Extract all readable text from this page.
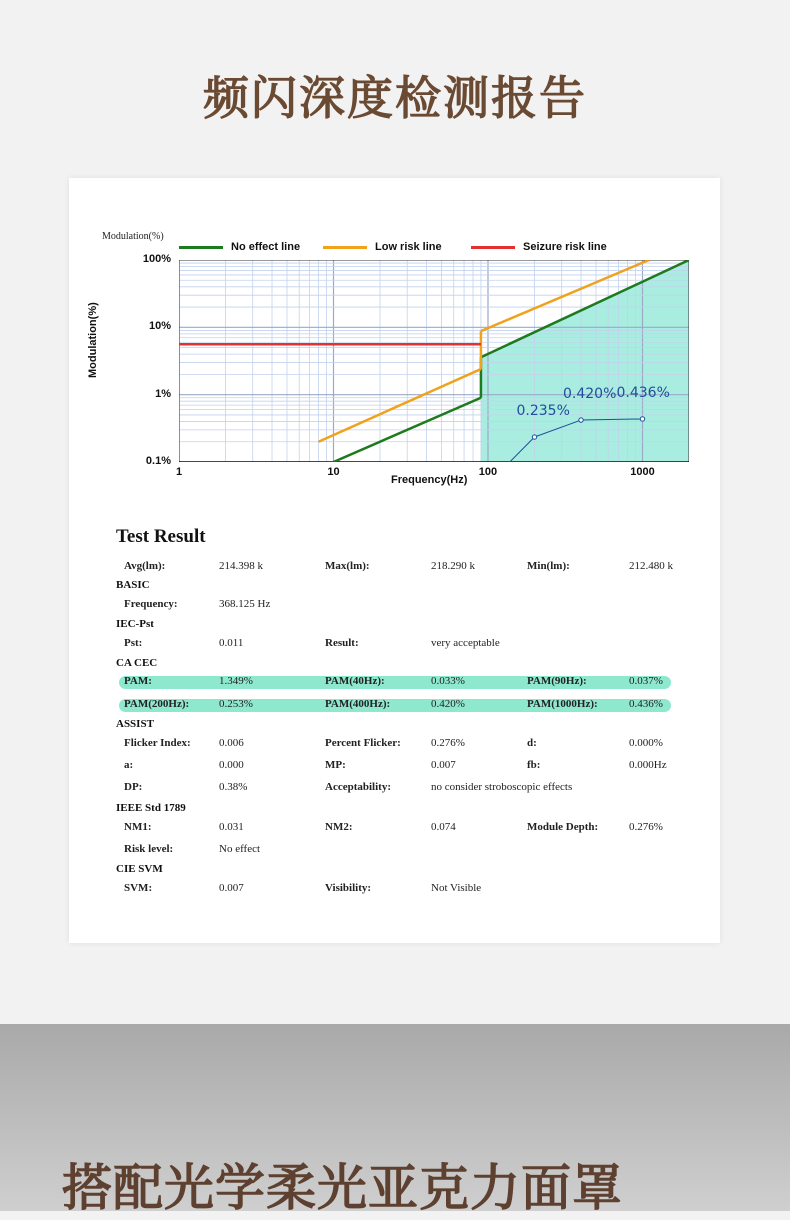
频闪深度检测报告
Modulation(%)
No effect line	Low risk line	Seizure risk line
Modulation(%)
100%
10%
1%
0.1%
1	10	100	1000
Frequency(Hz)
0.235%
0.420% 0.436%
Test Result
Avg(lm):	214.398 k	Max(lm):	218.290 k	Min(lm):	212.480 k
BASIC
Frequency:	368.125 Hz
IEC-Pst
Pst:	0.011	Result:	very acceptable
CA CEC
PAM:	1.349%	PAM(40Hz):	0.033%	PAM(90Hz):	0.037%
PAM(200Hz):	0.253%	PAM(400Hz):	0.420%	PAM(1000Hz):	0.436%
ASSIST
Flicker Index:	0.006	Percent Flicker:	0.276%	d:	0.000%
a:	0.000	MP:	0.007	fb:	0.000Hz
DP:	0.38%	Acceptability:	no consider stroboscopic effects
IEEE Std 1789
NM1:	0.031	NM2:	0.074	Module Depth:	0.276%
Risk level:	No effect
CIE SVM
SVM:	0.007	Visibility:	Not Visible
搭配光学柔光亚克力面罩
